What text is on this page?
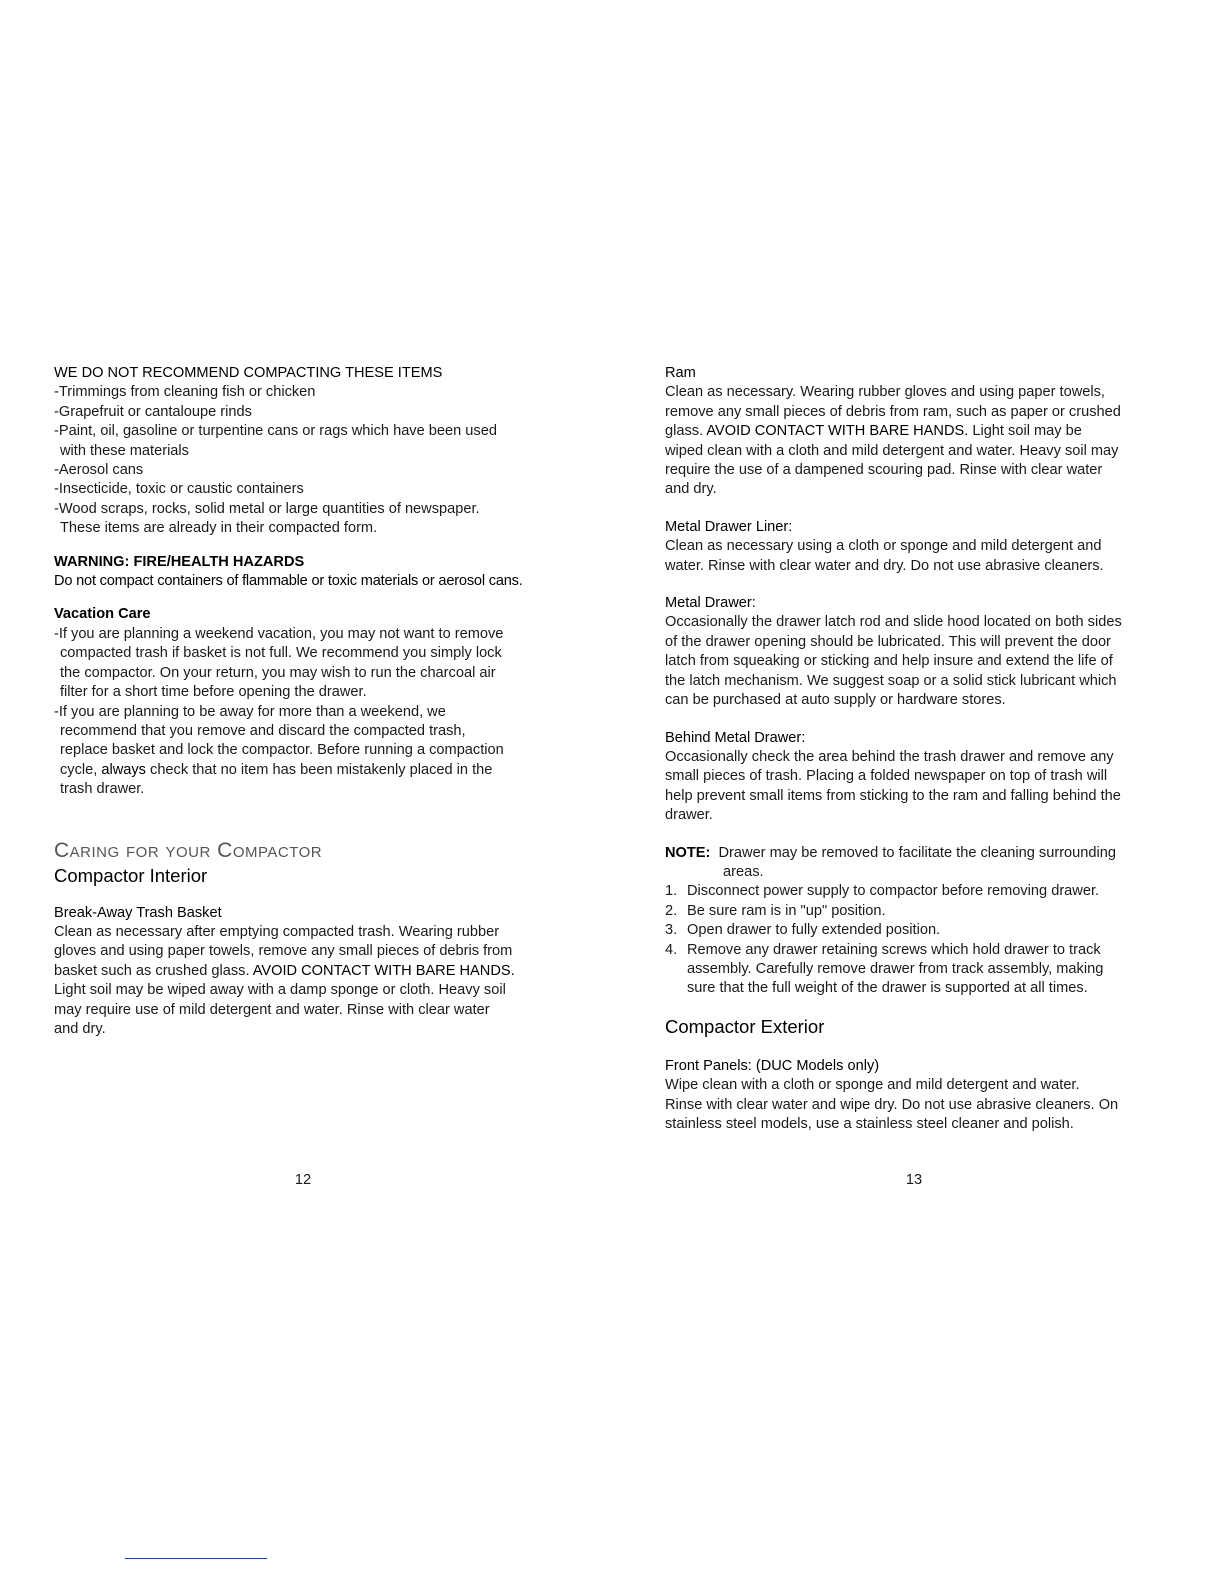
WE DO NOT RECOMMEND COMPACTING THESE ITEMS
-Trimmings from cleaning fish or chicken
-Grapefruit or cantaloupe rinds
-Paint, oil, gasoline or turpentine cans or rags which have been used
with these materials
-Aerosol cans
-Insecticide, toxic or caustic containers
-Wood scraps, rocks, solid metal or large quantities of newspaper.
These items are already in their compacted form.
WARNING: FIRE/HEALTH HAZARDS
Do not compact containers of flammable or toxic materials or aerosol cans.
Vacation Care
-If you are planning a weekend vacation, you may not want to remove
compacted trash if basket is not full. We recommend you simply lock
the compactor. On your return, you may wish to run the charcoal air
filter for a short time before opening the drawer.
-If you are planning to be away for more than a weekend, we
recommend that you remove and discard the compacted trash,
replace basket and lock the compactor. Before running a compaction
cycle, always check that no item has been mistakenly placed in the
trash drawer.
Caring for your Compactor
Compactor Interior
Break-Away Trash Basket
Clean as necessary after emptying compacted trash. Wearing rubber
gloves and using paper towels, remove any small pieces of debris from
basket such as crushed glass. AVOID CONTACT WITH BARE HANDS.
Light soil may be wiped away with a damp sponge or cloth. Heavy soil
may require use of mild detergent and water. Rinse with clear water
and dry.
Ram
Clean as necessary. Wearing rubber gloves and using paper towels,
remove any small pieces of debris from ram, such as paper or crushed
glass. AVOID CONTACT WITH BARE HANDS. Light soil may be
wiped clean with a cloth and mild detergent and water. Heavy soil may
require the use of a dampened scouring pad. Rinse with clear water
and dry.
Metal Drawer Liner:
Clean as necessary using a cloth or sponge and mild detergent and
water. Rinse with clear water and dry. Do not use abrasive cleaners.
Metal Drawer:
Occasionally the drawer latch rod and slide hood located on both sides
of the drawer opening should be lubricated. This will prevent the door
latch from squeaking or sticking and help insure and extend the life of
the latch mechanism. We suggest soap or a solid stick lubricant which
can be purchased at auto supply or hardware stores.
Behind Metal Drawer:
Occasionally check the area behind the trash drawer and remove any
small pieces of trash. Placing a folded newspaper on top of trash will
help prevent small items from sticking to the ram and falling behind the
drawer.
NOTE: Drawer may be removed to facilitate the cleaning surrounding
areas.
1. Disconnect power supply to compactor before removing drawer.
2. Be sure ram is in "up" position.
3. Open drawer to fully extended position.
4. Remove any drawer retaining screws which hold drawer to track
assembly. Carefully remove drawer from track assembly, making
sure that the full weight of the drawer is supported at all times.
Compactor Exterior
Front Panels: (DUC Models only)
Wipe clean with a cloth or sponge and mild detergent and water.
Rinse with clear water and wipe dry. Do not use abrasive cleaners. On
stainless steel models, use a stainless steel cleaner and polish.
12	13
